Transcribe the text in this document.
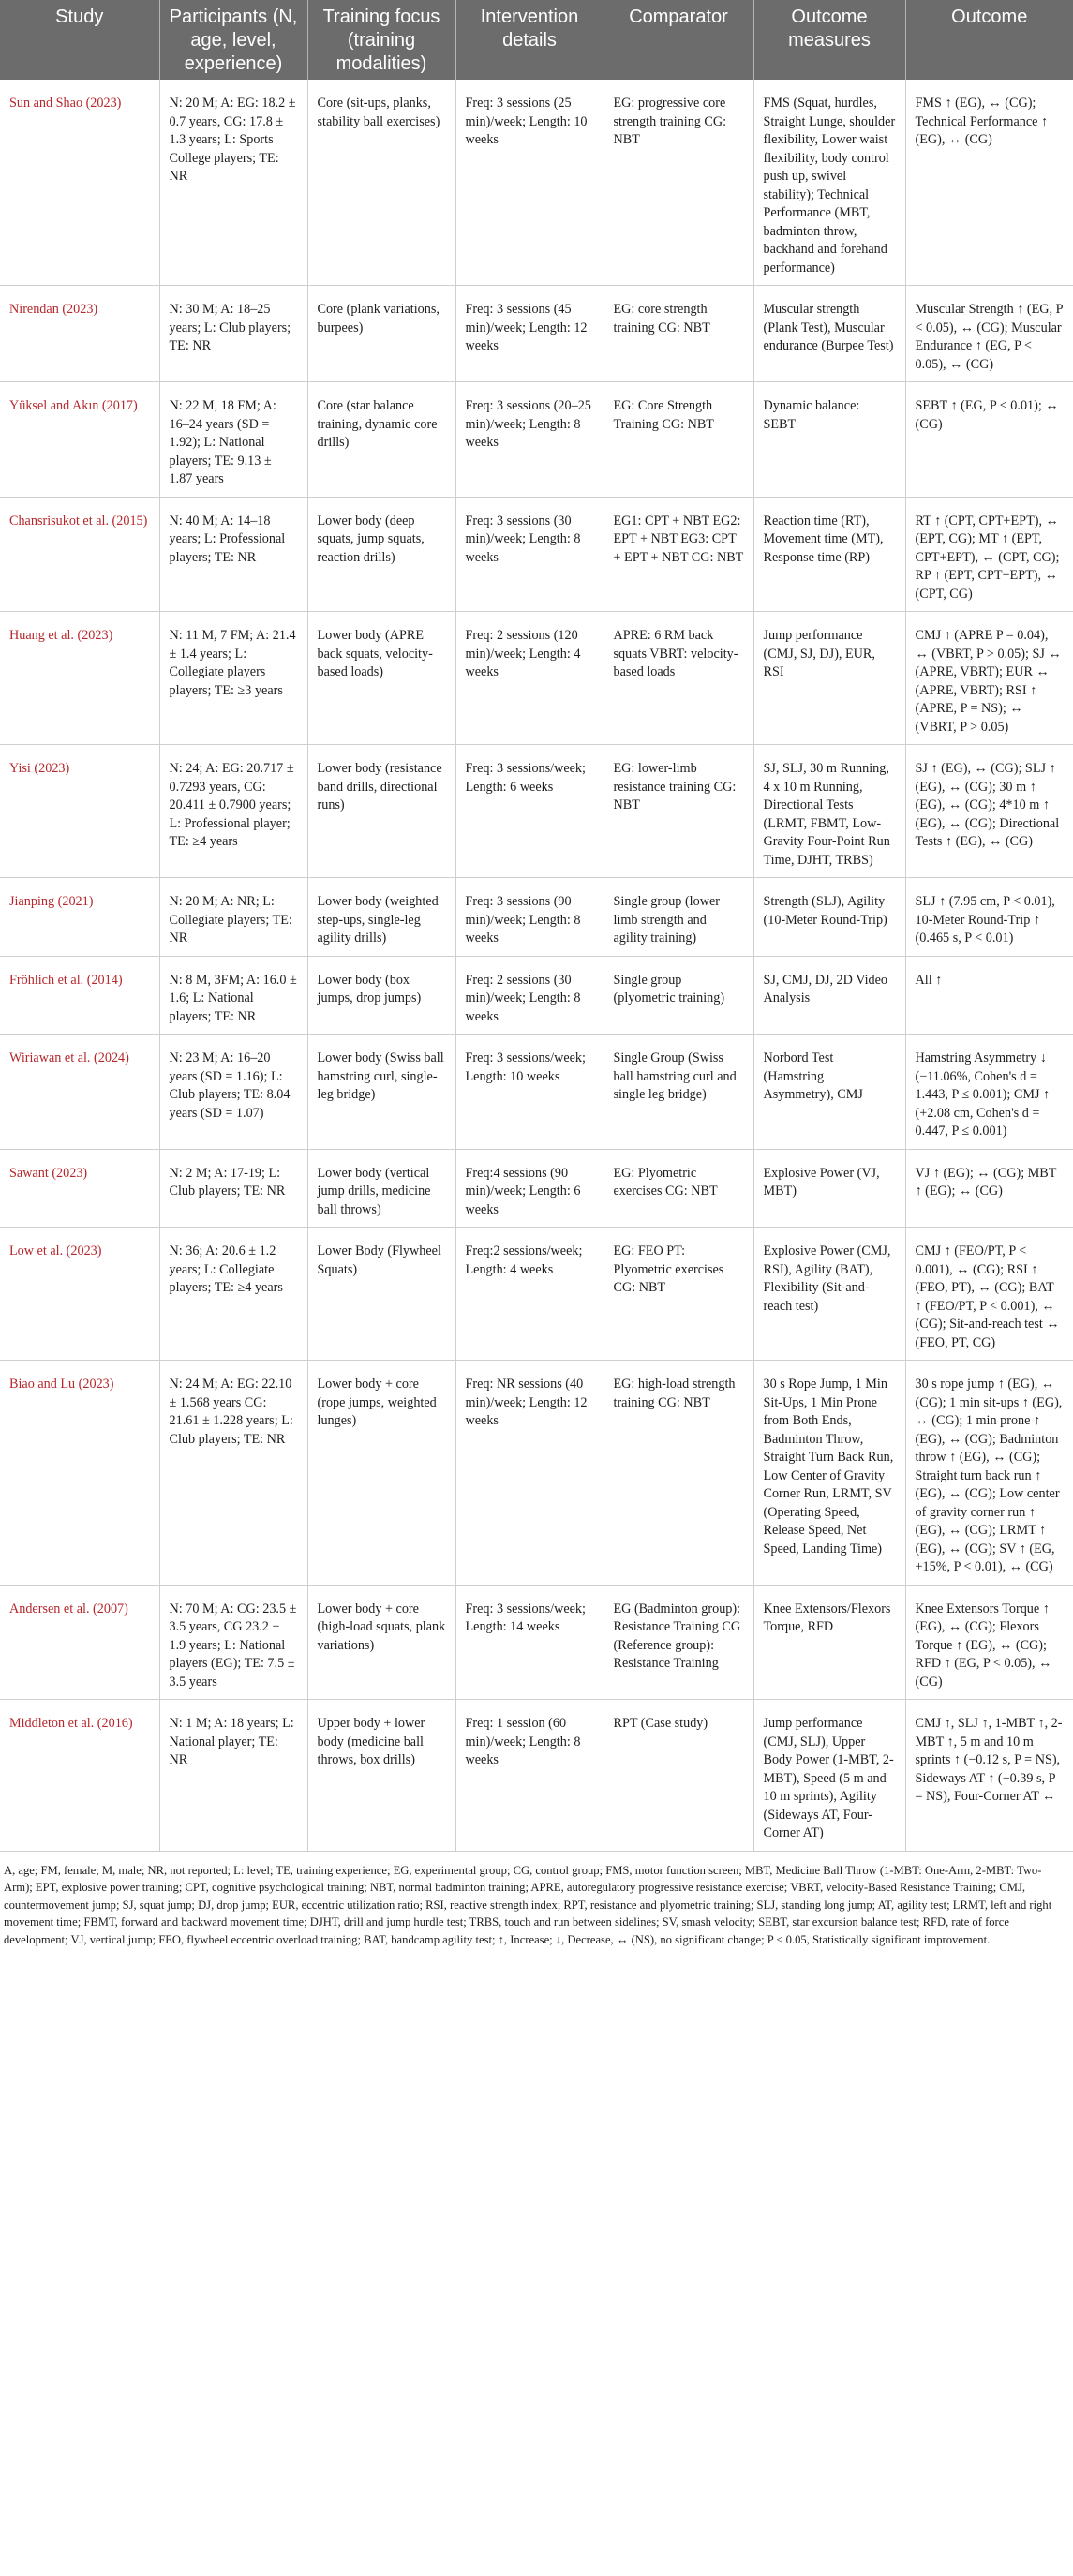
Study	Participants (N, age, level, experience)	Training focus (training modalities)	Intervention details	Comparator	Outcome measures	Outcome
Sun and Shao (2023)	N: 20 M; A: EG: 18.2 ± 0.7 years, CG: 17.8 ± 1.3 years; L: Sports College players; TE: NR	Core (sit-ups, planks, stability ball exercises)	Freq: 3 sessions (25 min)/week; Length: 10 weeks	EG: progressive core strength training CG: NBT	FMS (Squat, hurdles, Straight Lunge, shoulder flexibility, Lower waist flexibility, body control push up, swivel stability); Technical Performance (MBT, badminton throw, backhand and forehand performance)	FMS ↑ (EG), ↔ (CG); Technical Performance ↑ (EG), ↔ (CG)
Nirendan (2023)	N: 30 M; A: 18–25 years; L: Club players; TE: NR	Core (plank variations, burpees)	Freq: 3 sessions (45 min)/week; Length: 12 weeks	EG: core strength training CG: NBT	Muscular strength (Plank Test), Muscular endurance (Burpee Test)	Muscular Strength ↑ (EG, P < 0.05), ↔ (CG); Muscular Endurance ↑ (EG, P < 0.05), ↔ (CG)
Yüksel and Akın (2017)	N: 22 M, 18 FM; A: 16–24 years (SD = 1.92); L: National players; TE: 9.13 ± 1.87 years	Core (star balance training, dynamic core drills)	Freq: 3 sessions (20–25 min)/week; Length: 8 weeks	EG: Core Strength Training CG: NBT	Dynamic balance: SEBT	SEBT ↑ (EG, P < 0.01); ↔ (CG)
Chansrisukot et al. (2015)	N: 40 M; A: 14–18 years; L: Professional players; TE: NR	Lower body (deep squats, jump squats, reaction drills)	Freq: 3 sessions (30 min)/week; Length: 8 weeks	EG1: CPT + NBT EG2: EPT + NBT EG3: CPT + EPT + NBT CG: NBT	Reaction time (RT), Movement time (MT), Response time (RP)	RT ↑ (CPT, CPT+EPT), ↔ (EPT, CG); MT ↑ (EPT, CPT+EPT), ↔ (CPT, CG); RP ↑ (EPT, CPT+EPT), ↔ (CPT, CG)
Huang et al. (2023)	N: 11 M, 7 FM; A: 21.4 ± 1.4 years; L: Collegiate players players; TE: ≥3 years	Lower body (APRE back squats, velocity-based loads)	Freq: 2 sessions (120 min)/week; Length: 4 weeks	APRE: 6 RM back squats VBRT: velocity-based loads	Jump performance (CMJ, SJ, DJ), EUR, RSI	CMJ ↑ (APRE P = 0.04), ↔ (VBRT, P > 0.05); SJ ↔ (APRE, VBRT); EUR ↔ (APRE, VBRT); RSI ↑ (APRE, P = NS); ↔ (VBRT, P > 0.05)
Yisi (2023)	N: 24; A: EG: 20.717 ± 0.7293 years, CG: 20.411 ± 0.7900 years; L: Professional player; TE: ≥4 years	Lower body (resistance band drills, directional runs)	Freq: 3 sessions/week; Length: 6 weeks	EG: lower-limb resistance training CG: NBT	SJ, SLJ, 30 m Running, 4 x 10 m Running, Directional Tests (LRMT, FBMT, Low-Gravity Four-Point Run Time, DJHT, TRBS)	SJ ↑ (EG), ↔ (CG); SLJ ↑ (EG), ↔ (CG); 30 m ↑ (EG), ↔ (CG); 4*10 m ↑ (EG), ↔ (CG); Directional Tests ↑ (EG), ↔ (CG)
Jianping (2021)	N: 20 M; A: NR; L: Collegiate players; TE: NR	Lower body (weighted step-ups, single-leg agility drills)	Freq: 3 sessions (90 min)/week; Length: 8 weeks	Single group (lower limb strength and agility training)	Strength (SLJ), Agility (10-Meter Round-Trip)	SLJ ↑ (7.95 cm, P < 0.01), 10-Meter Round-Trip ↑ (0.465 s, P < 0.01)
Fröhlich et al. (2014)	N: 8 M, 3FM; A: 16.0 ± 1.6; L: National players; TE: NR	Lower body (box jumps, drop jumps)	Freq: 2 sessions (30 min)/week; Length: 8 weeks	Single group (plyometric training)	SJ, CMJ, DJ, 2D Video Analysis	All ↑
Wiriawan et al. (2024)	N: 23 M; A: 16–20 years (SD = 1.16); L: Club players; TE: 8.04 years (SD = 1.07)	Lower body (Swiss ball hamstring curl, single-leg bridge)	Freq: 3 sessions/week; Length: 10 weeks	Single Group (Swiss ball hamstring curl and single leg bridge)	Norbord Test (Hamstring Asymmetry), CMJ	Hamstring Asymmetry ↓ (−11.06%, Cohen's d = 1.443, P ≤ 0.001); CMJ ↑ (+2.08 cm, Cohen's d = 0.447, P ≤ 0.001)
Sawant (2023)	N: 2 M; A: 17-19; L: Club players; TE: NR	Lower body (vertical jump drills, medicine ball throws)	Freq:4 sessions (90 min)/week; Length: 6 weeks	EG: Plyometric exercises CG: NBT	Explosive Power (VJ, MBT)	VJ ↑ (EG); ↔ (CG); MBT ↑ (EG); ↔ (CG)
Low et al. (2023)	N: 36; A: 20.6 ± 1.2 years; L: Collegiate players; TE: ≥4 years	Lower Body (Flywheel Squats)	Freq:2 sessions/week; Length: 4 weeks	EG: FEO PT: Plyometric exercises CG: NBT	Explosive Power (CMJ, RSI), Agility (BAT), Flexibility (Sit-and-reach test)	CMJ ↑ (FEO/PT, P < 0.001), ↔ (CG); RSI ↑ (FEO, PT), ↔ (CG); BAT ↑ (FEO/PT, P < 0.001), ↔ (CG); Sit-and-reach test ↔ (FEO, PT, CG)
Biao and Lu (2023)	N: 24 M; A: EG: 22.10 ± 1.568 years CG: 21.61 ± 1.228 years; L: Club players; TE: NR	Lower body + core (rope jumps, weighted lunges)	Freq: NR sessions (40 min)/week; Length: 12 weeks	EG: high-load strength training CG: NBT	30 s Rope Jump, 1 Min Sit-Ups, 1 Min Prone from Both Ends, Badminton Throw, Straight Turn Back Run, Low Center of Gravity Corner Run, LRMT, SV (Operating Speed, Release Speed, Net Speed, Landing Time)	30 s rope jump ↑ (EG), ↔ (CG); 1 min sit-ups ↑ (EG), ↔ (CG); 1 min prone ↑ (EG), ↔ (CG); Badminton throw ↑ (EG), ↔ (CG); Straight turn back run ↑ (EG), ↔ (CG); Low center of gravity corner run ↑ (EG), ↔ (CG); LRMT ↑ (EG), ↔ (CG); SV ↑ (EG, +15%, P < 0.01), ↔ (CG)
Andersen et al. (2007)	N: 70 M; A: CG: 23.5 ± 3.5 years, CG 23.2 ± 1.9 years; L: National players (EG); TE: 7.5 ± 3.5 years	Lower body + core (high-load squats, plank variations)	Freq: 3 sessions/week; Length: 14 weeks	EG (Badminton group): Resistance Training CG (Reference group): Resistance Training	Knee Extensors/Flexors Torque, RFD	Knee Extensors Torque ↑ (EG), ↔ (CG); Flexors Torque ↑ (EG), ↔ (CG); RFD ↑ (EG, P < 0.05), ↔ (CG)
Middleton et al. (2016)	N: 1 M; A: 18 years; L: National player; TE: NR	Upper body + lower body (medicine ball throws, box drills)	Freq: 1 session (60 min)/week; Length: 8 weeks	RPT (Case study)	Jump performance (CMJ, SLJ), Upper Body Power (1-MBT, 2-MBT), Speed (5 m and 10 m sprints), Agility (Sideways AT, Four-Corner AT)	CMJ ↑, SLJ ↑, 1-MBT ↑, 2-MBT ↑, 5 m and 10 m sprints ↑ (−0.12 s, P = NS), Sideways AT ↑ (−0.39 s, P = NS), Four-Corner AT ↔
A, age; FM, female; M, male; NR, not reported; L: level; TE, training experience; EG, experimental group; CG, control group; FMS, motor function screen; MBT, Medicine Ball Throw (1-MBT: One-Arm, 2-MBT: Two-Arm); EPT, explosive power training; CPT, cognitive psychological training; NBT, normal badminton training; APRE, autoregulatory progressive resistance exercise; VBRT, velocity-Based Resistance Training; CMJ, countermovement jump; SJ, squat jump; DJ, drop jump; EUR, eccentric utilization ratio; RSI, reactive strength index; RPT, resistance and plyometric training; SLJ, standing long jump; AT, agility test; LRMT, left and right movement time; FBMT, forward and backward movement time; DJHT, drill and jump hurdle test; TRBS, touch and run between sidelines; SV, smash velocity; SEBT, star excursion balance test; RFD, rate of force development; VJ, vertical jump; FEO, flywheel eccentric overload training; BAT, bandcamp agility test; ↑, Increase; ↓, Decrease, ↔ (NS), no significant change; P < 0.05, Statistically significant improvement.
